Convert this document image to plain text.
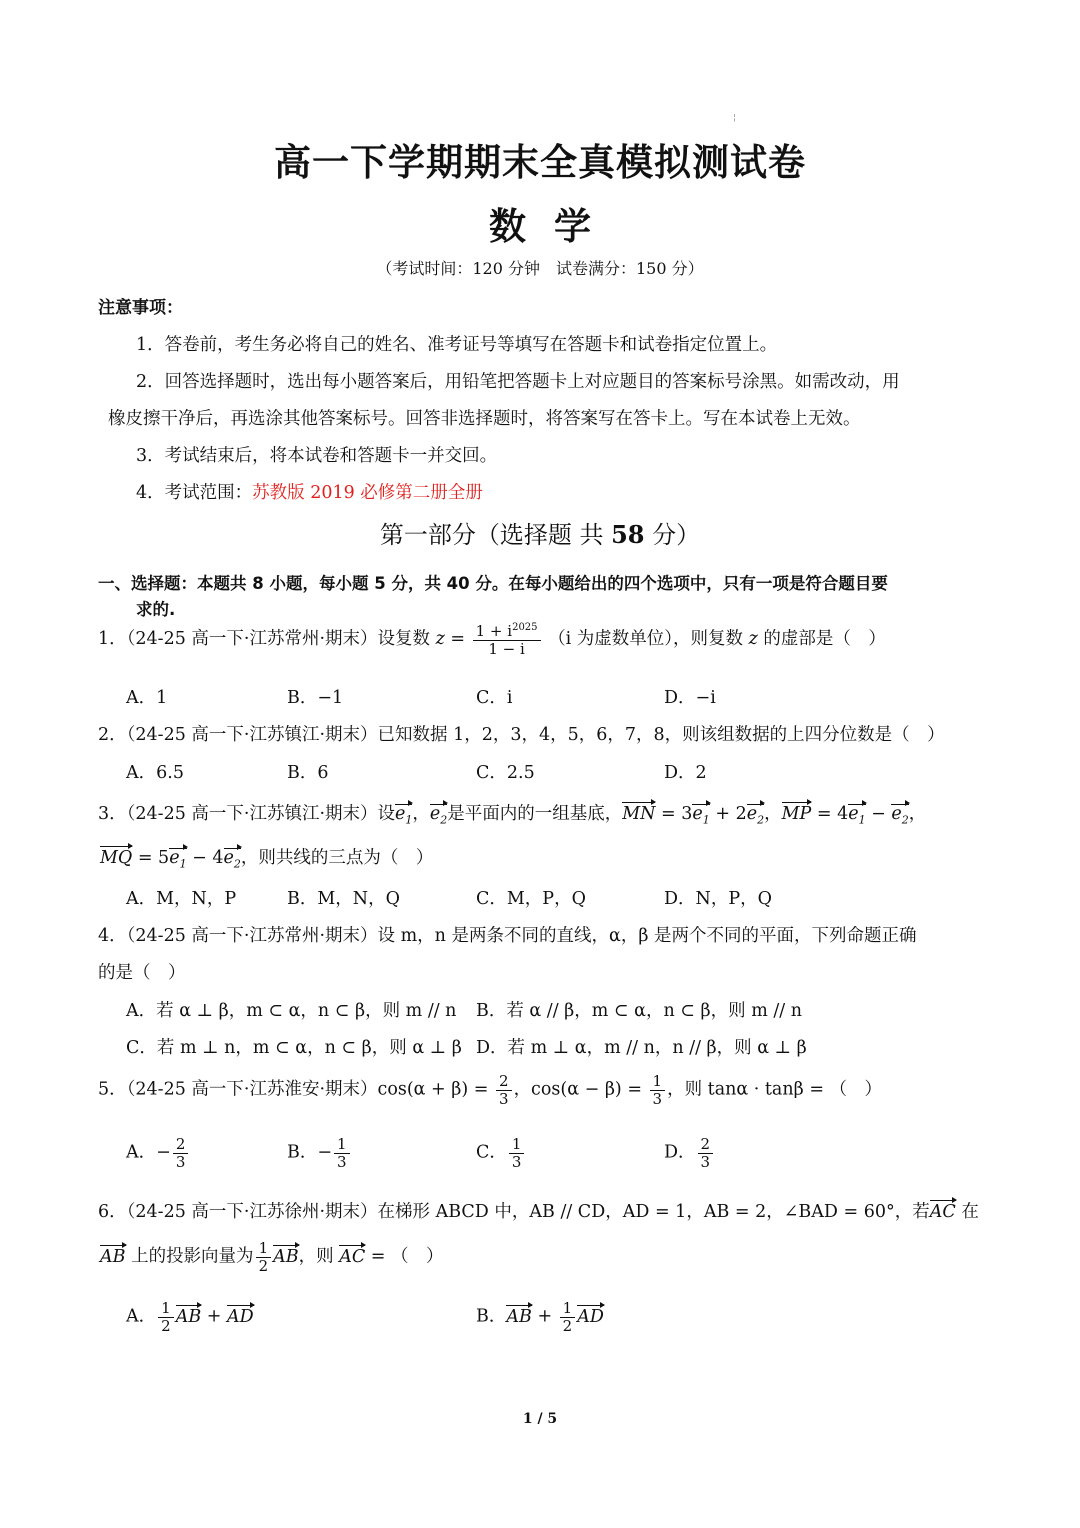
¦
高一下学期期末全真模拟测试卷
数 学
（考试时间：120 分钟　试卷满分：150 分）
注意事项：
1．答卷前，考生务必将自己的姓名、准考证号等填写在答题卡和试卷指定位置上。
2．回答选择题时，选出每小题答案后，用铅笔把答题卡上对应题目的答案标号涂黑。如需改动，用
橡皮擦干净后，再选涂其他答案标号。回答非选择题时，将答案写在答卡上。写在本试卷上无效。
3．考试结束后，将本试卷和答题卡一并交回。
4．考试范围：苏教版 2019 必修第二册全册
第一部分（选择题 共 58 分）
一、选择题：本题共 8 小题，每小题 5 分，共 40 分。在每小题给出的四个选项中，只有一项是符合题目要
求的.
1．（24-25 高一下·江苏常州·期末）设复数 $z = \frac{1 + i^{2025}}{1 - i} (i$ 为虚数单位），则复数 z 的虚部是（　）
A．1	B．−1	C．i	D．−i
2．（24-25 高一下·江苏镇江·期末）已知数据 1，2，3，4，5，6，7，8，则该组数据的上四分位数是（　）
A．6.5	B．6	C．2.5	D．2
3．（24-25 高一下·江苏镇江·期末）设$e_1$，$e_2$是平面内的一组基底，MN = $3e_1 + 2e_2$，MP = $4e_1 - e_2$，
MQ = $5e_1 - 4e_2$，则共线的三点为（　）
A．M，N，P	B．M，N，Q	C．M，P，Q	D．N，P，Q
4．（24-25 高一下·江苏常州·期末）设 m，n 是两条不同的直线，α，β 是两个不同的平面，下列命题正确
的是（　）
A．若 α ⊥ β，m ⊂ α，n ⊂ β，则 m // n B．若 α // β，m ⊂ α，n ⊂ β，则 m // n
C．若 m ⊥ n，m ⊂ α，n ⊂ β，则 α ⊥ β D．若 m ⊥ α，m // n，n // β，则 α ⊥ β
5．（24-25 高一下·江苏淮安·期末）$\cos(\alpha + \beta) = \frac{2}{3}$ ，$\cos(\alpha - \beta) = \frac{1}{3}$ ，则 tanα · tanβ = （　）
A．− $\frac{2}{3}$	B．− $\frac{1}{3}$	C． $\frac{1}{3}$	D． $\frac{2}{3}$
6．（24-25 高一下·江苏徐州·期末）在梯形 ABCD 中，AB // CD，AD = 1，AB = 2，∠BAD = 60°，若AC 在
AB 上的投影向量为 $\frac{1}{2}$ AB，则 AC = （　）
A． $\frac{1}{2}$ AB + AD	B．AB + $\frac{1}{2}$ AD
1 / 5
